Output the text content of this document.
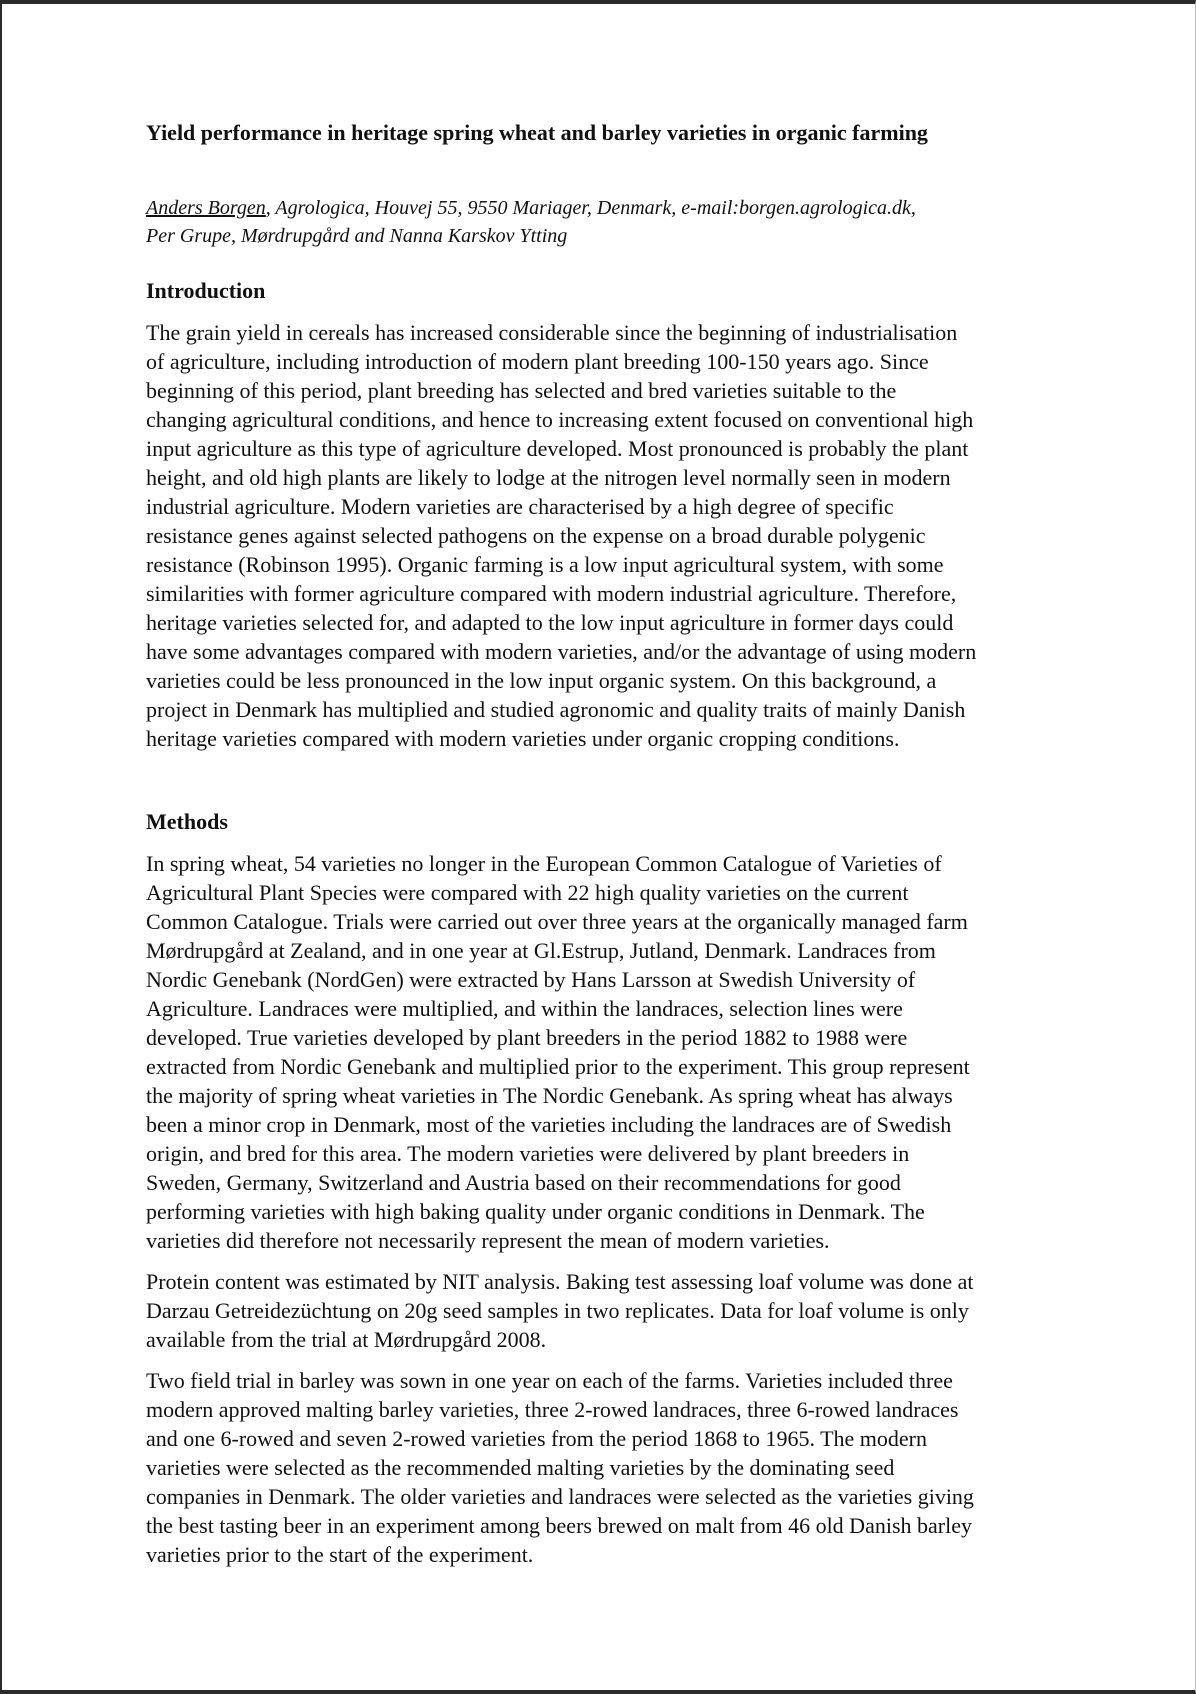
Yield performance in heritage spring wheat and barley varieties in organic farming
Anders Borgen, Agrologica, Houvej 55, 9550 Mariager, Denmark, e-mail:borgen.agrologica.dk,
Per Grupe, Mørdrupgård and Nanna Karskov Ytting
Introduction

The grain yield in cereals has increased considerable since the beginning of industrialisation
of agriculture, including introduction of modern plant breeding 100-150 years ago. Since
beginning of this period, plant breeding has selected and bred varieties suitable to the
changing agricultural conditions, and hence to increasing extent focused on conventional high
input agriculture as this type of agriculture developed. Most pronounced is probably the plant
height, and old high plants are likely to lodge at the nitrogen level normally seen in modern
industrial agriculture. Modern varieties are characterised by a high degree of specific
resistance genes against selected pathogens on the expense on a broad durable polygenic
resistance (Robinson 1995). Organic farming is a low input agricultural system, with some
similarities with former agriculture compared with modern industrial agriculture. Therefore,
heritage varieties selected for, and adapted to the low input agriculture in former days could
have some advantages compared with modern varieties, and/or the advantage of using modern
varieties could be less pronounced in the low input organic system. On this background, a
project in Denmark has multiplied and studied agronomic and quality traits of mainly Danish
heritage varieties compared with modern varieties under organic cropping conditions.

Methods

In spring wheat, 54 varieties no longer in the European Common Catalogue of Varieties of
Agricultural Plant Species were compared with 22 high quality varieties on the current
Common Catalogue. Trials were carried out over three years at the organically managed farm
Mørdrupgård at Zealand, and in one year at Gl.Estrup, Jutland, Denmark. Landraces from
Nordic Genebank (NordGen) were extracted by Hans Larsson at Swedish University of
Agriculture. Landraces were multiplied, and within the landraces, selection lines were
developed. True varieties developed by plant breeders in the period 1882 to 1988 were
extracted from Nordic Genebank and multiplied prior to the experiment. This group represent
the majority of spring wheat varieties in The Nordic Genebank. As spring wheat has always
been a minor crop in Denmark, most of the varieties including the landraces are of Swedish
origin, and bred for this area. The modern varieties were delivered by plant breeders in
Sweden, Germany, Switzerland and Austria based on their recommendations for good
performing varieties with high baking quality under organic conditions in Denmark. The
varieties did therefore not necessarily represent the mean of modern varieties.

Protein content was estimated by NIT analysis. Baking test assessing loaf volume was done at
Darzau Getreidezüchtung on 20g seed samples in two replicates. Data for loaf volume is only
available from the trial at Mørdrupgård 2008.

Two field trial in barley was sown in one year on each of the farms. Varieties included three
modern approved malting barley varieties, three 2-rowed landraces, three 6-rowed landraces
and one 6-rowed and seven 2-rowed varieties from the period 1868 to 1965. The modern
varieties were selected as the recommended malting varieties by the dominating seed
companies in Denmark. The older varieties and landraces were selected as the varieties giving
the best tasting beer in an experiment among beers brewed on malt from 46 old Danish barley
varieties prior to the start of the experiment.
